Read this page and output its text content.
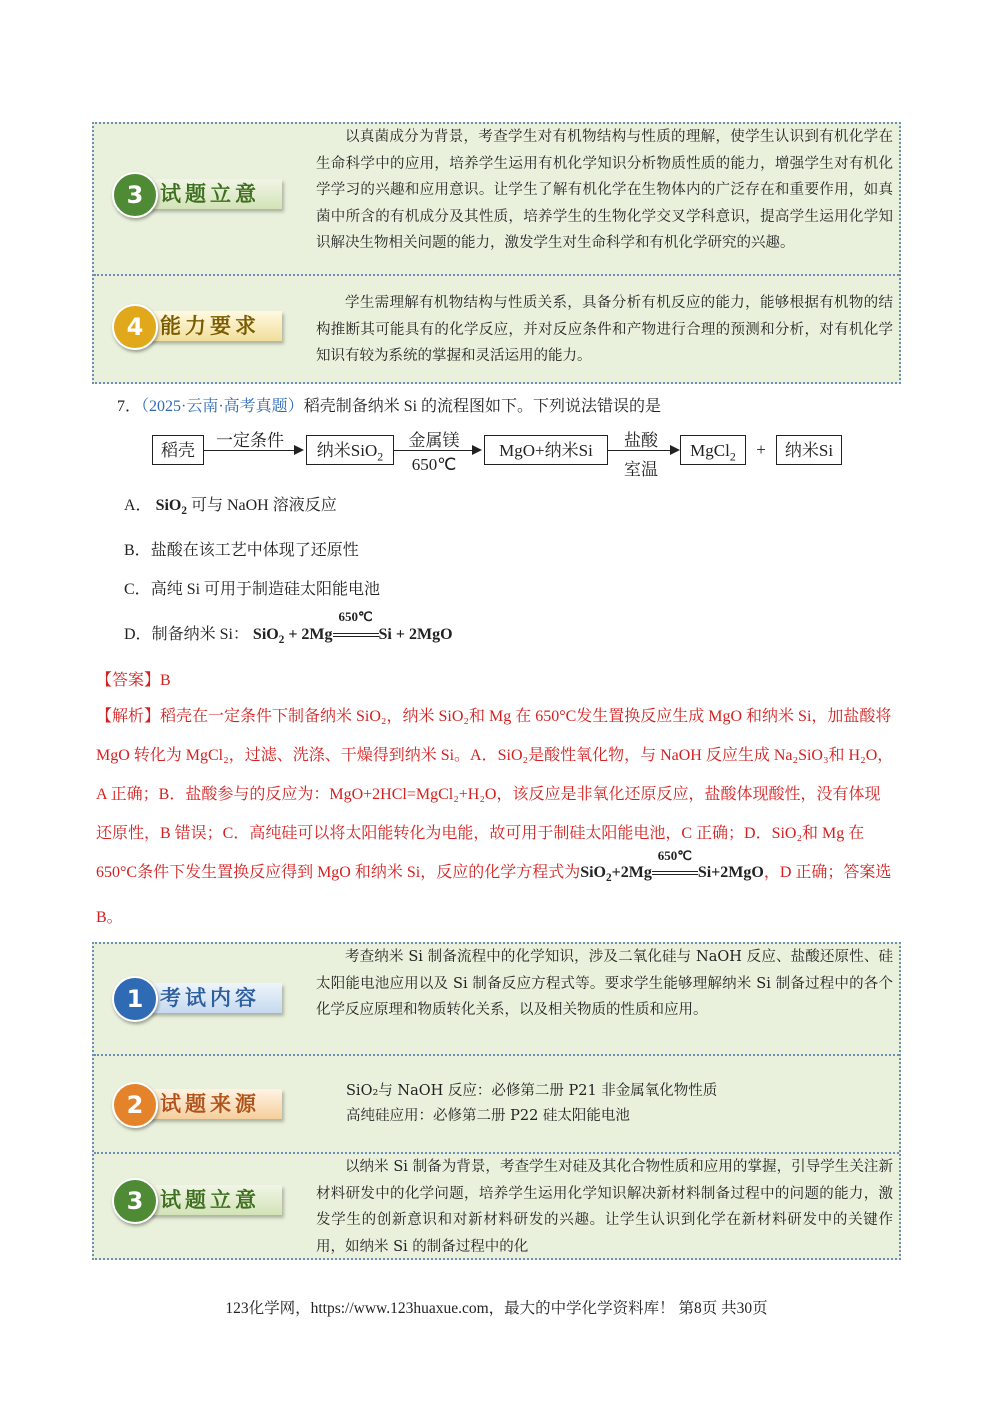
3 试题立意
以真菌成分为背景，考查学生对有机物结构与性质的理解，使学生认识到有机化学在生命科学中的应用，培养学生运用有机化学知识分析物质性质的能力，增强学生对有机化学学习的兴趣和应用意识。让学生了解有机化学在生物体内的广泛存在和重要作用，如真菌中所含的有机成分及其性质，培养学生的生物化学交叉学科意识，提高学生运用化学知识解决生物相关问题的能力，激发学生对生命科学和有机化学研究的兴趣。
4 能力要求
学生需理解有机物结构与性质关系，具备分析有机反应的能力，能够根据有机物的结构推断其可能具有的化学反应，并对反应条件和产物进行合理的预测和分析，对有机化学知识有较为系统的掌握和灵活运用的能力。
7．（2025·云南·高考真题）稻壳制备纳米 Si 的流程图如下。下列说法错误的是
稻壳
一定条件
纳米SiO$_2$
金属镁
650℃
MgO+纳米Si
盐酸
室温
MgCl$_2$	+	纳米Si
A． SiO$_2$ 可与 NaOH 溶液反应
B．盐酸在该工艺中体现了还原性
C．高纯 Si 可用于制造硅太阳能电池
D．制备纳米 Si： SiO$_2$ + 2Mg
650℃
Si + 2MgO
【答案】B
【解析】稻壳在一定条件下制备纳米 SiO₂，纳米 SiO₂和 Mg 在 650°C发生置换反应生成 MgO 和纳米 Si，加盐酸将 MgO 转化为 MgCl₂，过滤、洗涤、干燥得到纳米 Si。A．SiO₂是酸性氧化物，与 NaOH 反应生成 Na₂SiO₃和 H₂O，A 正确；B．盐酸参与的反应为：MgO+2HCl=MgCl₂+H₂O，该反应是非氧化还原反应，盐酸体现酸性，没有体现还原性，B 错误；C．高纯硅可以将太阳能转化为电能，故可用于制硅太阳能电池，C 正确；D．SiO₂和 Mg 在 650°C条件下发生置换反应得到 MgO 和纳米 Si，反应的化学方程式为SiO$_2$+2Mg
650℃
Si+2MgO，D 正确；答案选 B。
1 考试内容
考查纳米 Si 制备流程中的化学知识，涉及二氧化硅与 NaOH 反应、盐酸还原性、硅太阳能电池应用以及 Si 制备反应方程式等。要求学生能够理解纳米 Si 制备过程中的各个化学反应原理和物质转化关系，以及相关物质的性质和应用。
2 试题来源
SiO₂与 NaOH 反应：必修第二册 P21 非金属氧化物性质
高纯硅应用：必修第二册 P22 硅太阳能电池
3 试题立意
以纳米 Si 制备为背景，考查学生对硅及其化合物性质和应用的掌握，引导学生关注新材料研发中的化学问题，培养学生运用化学知识解决新材料制备过程中的问题的能力，激发学生的创新意识和对新材料研发的兴趣。让学生认识到化学在新材料研发中的关键作用，如纳米 Si 的制备过程中的化
123化学网，https://www.123huaxue.com，最大的中学化学资料库！ 第8页 共30页
